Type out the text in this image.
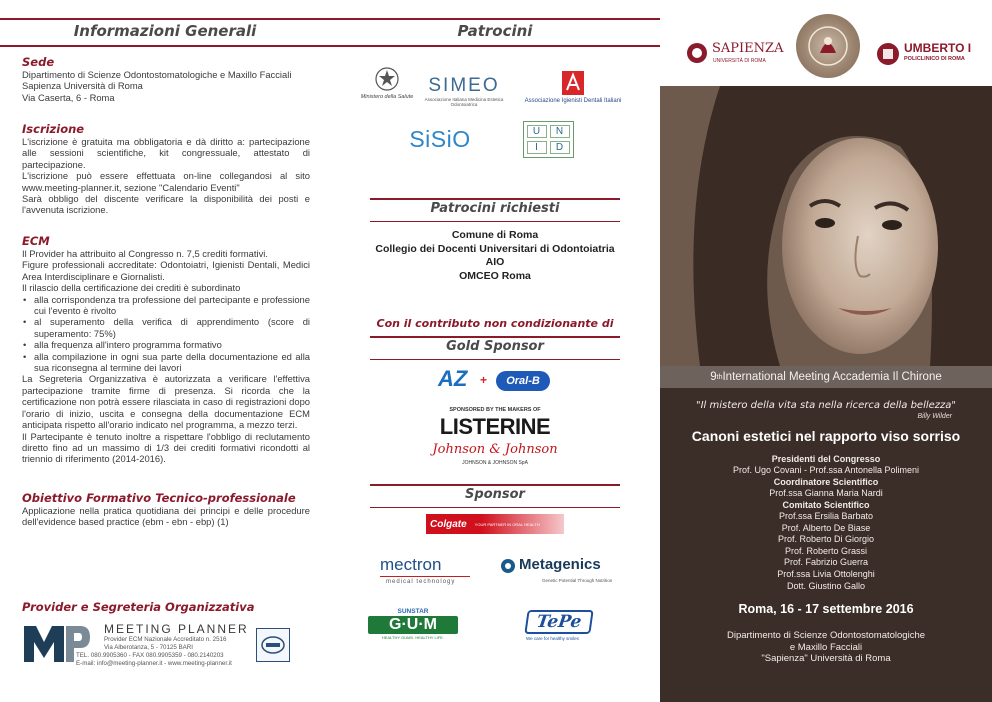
Informazioni Generali
Sede
Dipartimento di Scienze Odontostomatologiche e Maxillo Facciali
Sapienza Università di Roma
Via Caserta, 6 - Roma
Iscrizione
L'iscrizione è gratuita ma obbligatoria e dà diritto a: partecipazione alle sessioni scientifiche, kit congressuale, attestato di partecipazione.
L'iscrizione può essere effettuata on-line collegandosi al sito www.meeting-planner.it, sezione "Calendario Eventi"
Sarà obbligo del discente verificare la disponibilità dei posti e l'avvenuta iscrizione.
ECM
Il Provider ha attribuito al Congresso n. 7,5 crediti formativi.
Figure professionali accreditate: Odontoiatri, Igienisti Dentali, Medici Area Interdisciplinare e Giornalisti.
Il rilascio della certificazione dei crediti è subordinato
• alla corrispondenza tra professione del partecipante e professione cui l'evento è rivolto
• al superamento della verifica di apprendimento (score di superamento: 75%)
• alla frequenza all'intero programma formativo
• alla compilazione in ogni sua parte della documentazione ed alla sua riconsegna al termine dei lavori
La Segreteria Organizzativa è autorizzata a verificare l'effettiva partecipazione tramite firme di presenza. Si ricorda che la certificazione non potrà essere rilasciata in caso di registrazioni dopo l'orario di inizio, uscita e consegna della documentazione ECM anticipata rispetto all'orario indicato nel programma, a mezzo terzi.
Il Partecipante è tenuto inoltre a rispettare l'obbligo di reclutamento diretto fino ad un massimo di 1/3 dei crediti formativi ricondotti al triennio di riferimento (2014-2016).
Obiettivo Formativo Tecnico-professionale
Applicazione nella pratica quotidiana dei principi e delle procedure dell'evidence based practice (ebm - ebn - ebp) (1)
Provider e Segreteria Organizzativa
MEETING PLANNER
Provider ECM Nazionale Accreditato n. 2516
Via Alberotanza, 5 - 70125 BARI
TEL. 080.9905360 - FAX 080.9905359 - 080.2140203
E-mail: info@meeting-planner.it - www.meeting-planner.it
Patrocini
Ministero della Salute
SIMEO
Associazione Italiana Medicina Estetica Odontoiatrica
Associazione Igienisti Dentali Italiani
SiSiO	U	N
I	D
Patrocini richiesti
Comune di Roma
Collegio dei Docenti Universitari di Odontoiatria
AIO
OMCEO Roma
Con il contributo non condizionante di
Gold Sponsor
AZ + Oral-B
SPONSORED BY THE MAKERS OF
LISTERINE
Johnson & Johnson
JOHNSON & JOHNSON SpA
Sponsor
Colgate YOUR PARTNER IN ORAL HEALTH
mectron
medical technology
Metagenics
Genetic Potential Through Nutrition
SUNSTAR
G·U·M
HEALTHY GUMS. HEALTHY LIFE.
TePe
We care for healthy smiles
SAPIENZA
UNIVERSITÀ DI ROMA
UMBERTO I
POLICLINICO DI ROMA
9 th International Meeting Accademia Il Chirone
"Il mistero della vita sta nella ricerca della bellezza"
Billy Wilder
Canoni estetici nel rapporto viso sorriso
Presidenti del Congresso
Prof. Ugo Covani - Prof.ssa Antonella Polimeni
Coordinatore Scientifico
Prof.ssa Gianna Maria Nardi
Comitato Scientifico
Prof.ssa Ersilia Barbato
Prof. Alberto De Biase
Prof. Roberto Di Giorgio
Prof. Roberto Grassi
Prof. Fabrizio Guerra
Prof.ssa Livia Ottolenghi
Dott. Giustino Gallo
Roma, 16 - 17 settembre 2016
Dipartimento di Scienze Odontostomatologiche
e Maxillo Facciali
"Sapienza" Università di Roma
